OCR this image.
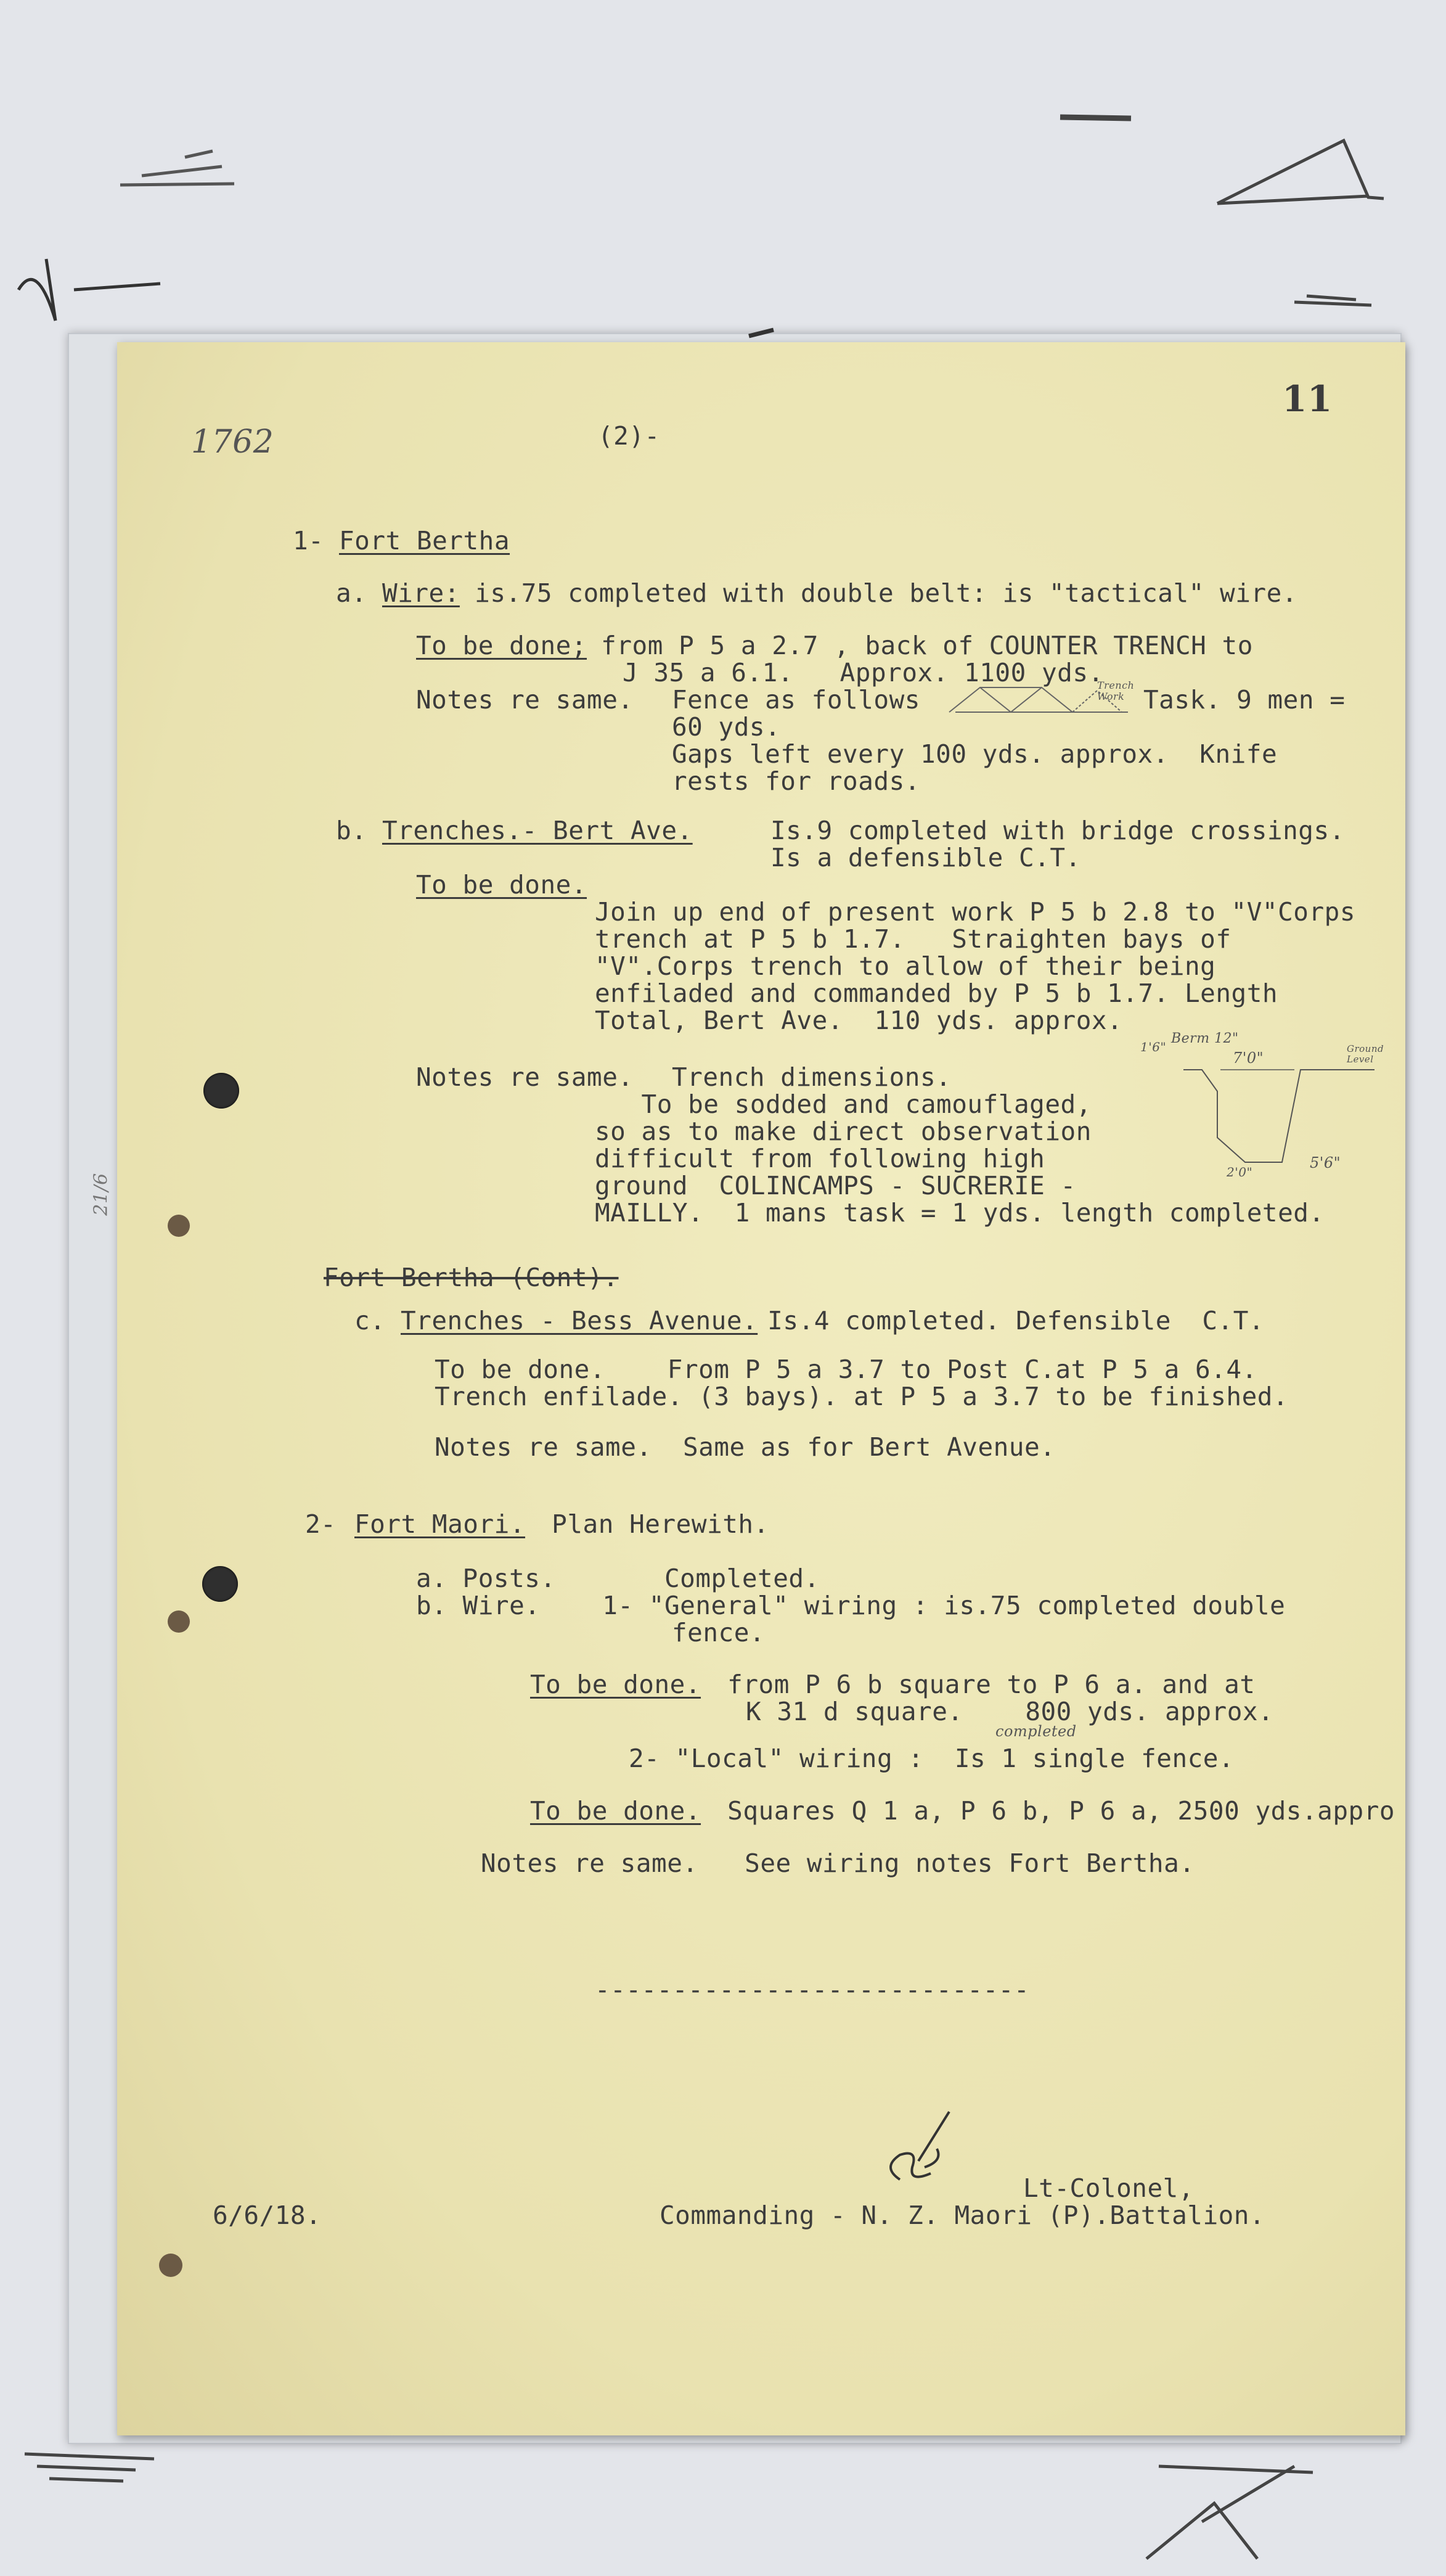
1762	(2)-
11
21/6
1- Fort Bertha
a. Wire: is.75 completed with double belt: is "tactical" wire.
To be done;
from P 5 a 2.7 , back of COUNTER TRENCH to
J 35 a 6.1.   Approx. 1100 yds.
Notes re same. Fence as follows	Task. 9 men =
60 yds.
Gaps left every 100 yds. approx.  Knife
rests for roads.
Trench Work
b. Trenches.- Bert Ave.	Is.9 completed with bridge crossings.
Is a defensible C.T.
To be done.
Join up end of present work P 5 b 2.8 to "V"Corps
trench at P 5 b 1.7.   Straighten bays of
"V".Corps trench to allow of their being
enfiladed and commanded by P 5 b 1.7. Length
Total, Bert Ave.  110 yds. approx.
Notes re same. Trench dimensions.
To be sodded and camouflaged,
so as to make direct observation
difficult from following high
ground  COLINCAMPS - SUCRERIE -
MAILLY.  1 mans task = 1 yds. length completed.
Berm 12"
7'0"
Ground Level
1'6"
2'0"
5'6"
Fort Bertha (Cont).
c. Trenches - Bess Avenue.
Is.4 completed. Defensible  C.T.
To be done.    From P 5 a 3.7 to Post C.at P 5 a 6.4.
Trench enfilade. (3 bays). at P 5 a 3.7 to be finished.
Notes re same.  Same as for Bert Avenue.
2- Fort Maori. Plan Herewith.
a. Posts.       Completed.
b. Wire.    1- "General" wiring : is.75 completed double
fence.
To be done. from P 6 b square to P 6 a. and at
K 31 d square.    800 yds. approx.
completed
2- "Local" wiring :  Is 1 single fence.
To be done. Squares Q 1 a, P 6 b, P 6 a, 2500 yds.appro
Notes re same.   See wiring notes Fort Bertha.
----------------------------
Lt-Colonel,
Commanding - N. Z. Maori (P).Battalion.
6/6/18.
